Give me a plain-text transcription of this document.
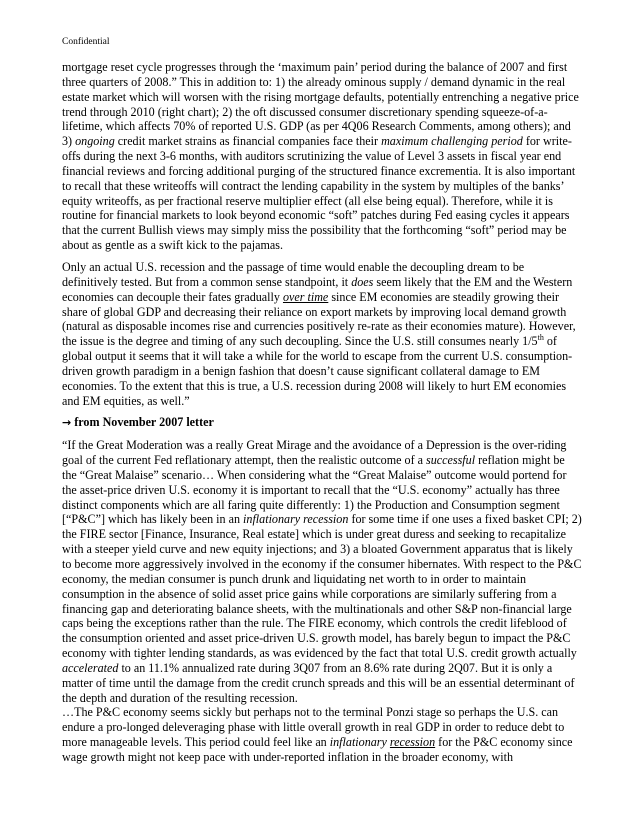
Confidential

mortgage reset cycle progresses through the ‘maximum pain’ period during the balance of 2007 and first three quarters of 2008.” This in addition to: 1) the already ominous supply / demand dynamic in the real estate market which will worsen with the rising mortgage defaults, potentially entrenching a negative price trend through 2010 (right chart); 2) the oft discussed consumer discretionary spending squeeze-of-a-lifetime, which affects 70% of reported U.S. GDP (as per 4Q06 Research Comments, among others); and 3) ongoing credit market strains as financial companies face their maximum challenging period for write-offs during the next 3-6 months, with auditors scrutinizing the value of Level 3 assets in fiscal year end financial reviews and forcing additional purging of the structured finance excrementia. It is also important to recall that these writeoffs will contract the lending capability in the system by multiples of the banks’ equity writeoffs, as per fractional reserve multiplier effect (all else being equal). Therefore, while it is routine for financial markets to look beyond economic “soft” patches during Fed easing cycles it appears that the current Bullish views may simply miss the possibility that the forthcoming “soft” period may be about as gentle as a swift kick to the pajamas.

Only an actual U.S. recession and the passage of time would enable the decoupling dream to be definitively tested. But from a common sense standpoint, it does seem likely that the EM and the Western economies can decouple their fates gradually over time since EM economies are steadily growing their share of global GDP and decreasing their reliance on export markets by improving local demand growth (natural as disposable incomes rise and currencies positively re-rate as their economies mature). However, the issue is the degree and timing of any such decoupling. Since the U.S. still consumes nearly 1/5th of global output it seems that it will take a while for the world to escape from the current U.S. consumption-driven growth paradigm in a benign fashion that doesn’t cause significant collateral damage to EM economies. To the extent that this is true, a U.S. recession during 2008 will likely to hurt EM economies and EM equities, as well.”

→ from November 2007 letter

“If the Great Moderation was a really Great Mirage and the avoidance of a Depression is the over-riding goal of the current Fed reflationary attempt, then the realistic outcome of a successful reflation might be the “Great Malaise” scenario… When considering what the “Great Malaise” outcome would portend for the asset-price driven U.S. economy it is important to recall that the “U.S. economy” actually has three distinct components which are all faring quite differently: 1) the Production and Consumption segment [“P&C”] which has likely been in an inflationary recession for some time if one uses a fixed basket CPI; 2) the FIRE sector [Finance, Insurance, Real estate] which is under great duress and seeking to recapitalize with a steeper yield curve and new equity injections; and 3) a bloated Government apparatus that is likely to become more aggressively involved in the economy if the consumer hibernates. With respect to the P&C economy, the median consumer is punch drunk and liquidating net worth to in order to maintain consumption in the absence of solid asset price gains while corporations are similarly suffering from a financing gap and deteriorating balance sheets, with the multinationals and other S&P non-financial large caps being the exceptions rather than the rule. The FIRE economy, which controls the credit lifeblood of the consumption oriented and asset price-driven U.S. growth model, has barely begun to impact the P&C economy with tighter lending standards, as was evidenced by the fact that total U.S. credit growth actually accelerated to an 11.1% annualized rate during 3Q07 from an 8.6% rate during 2Q07. But it is only a matter of time until the damage from the credit crunch spreads and this will be an essential determinant of the depth and duration of the resulting recession.

…The P&C economy seems sickly but perhaps not to the terminal Ponzi stage so perhaps the U.S. can endure a pro-longed deleveraging phase with little overall growth in real GDP in order to reduce debt to more manageable levels. This period could feel like an inflationary recession for the P&C economy since wage growth might not keep pace with under-reported inflation in the broader economy, with
